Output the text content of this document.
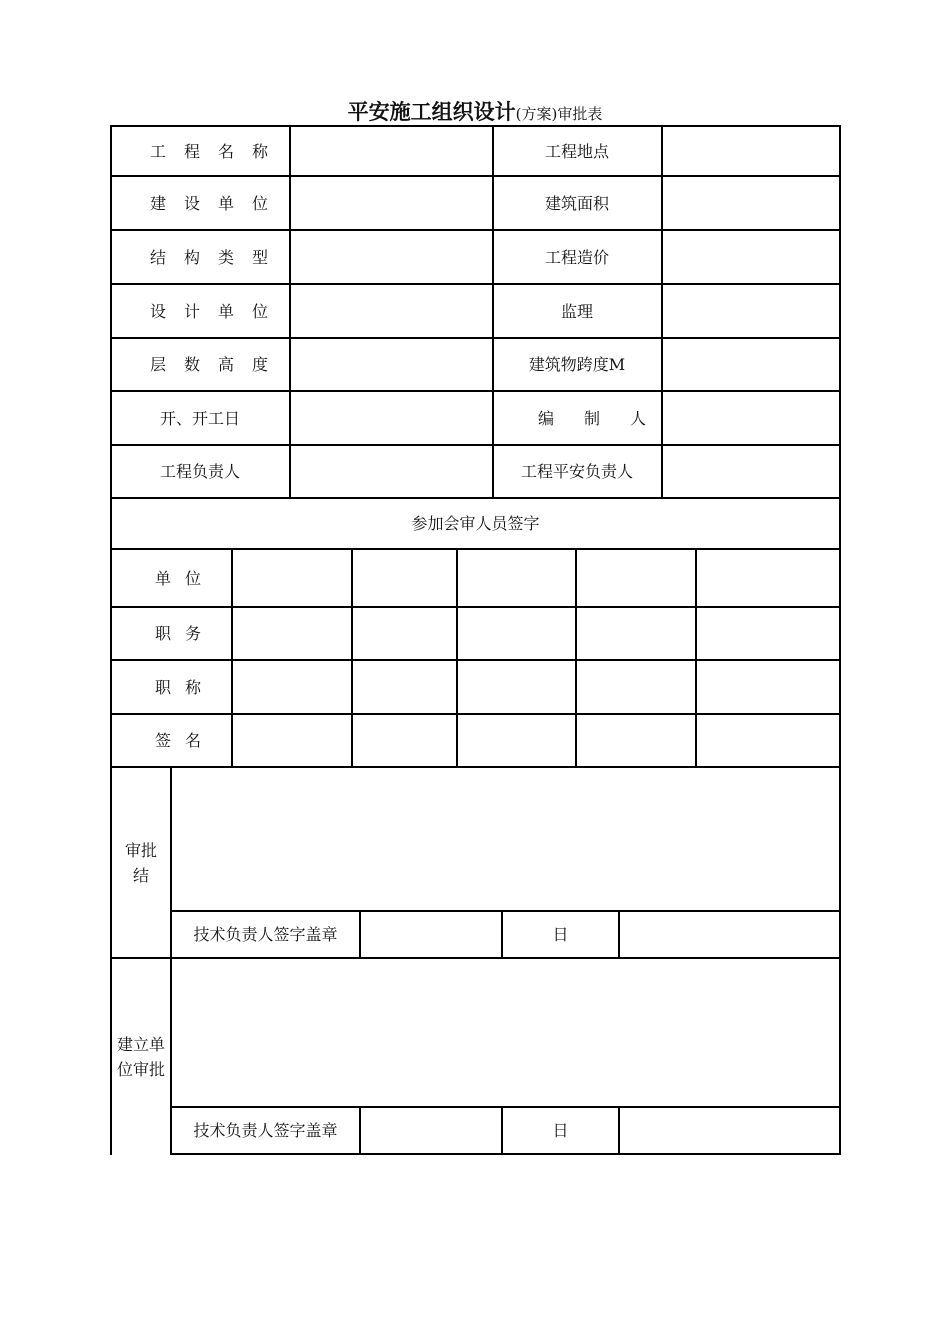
平安施工组织设计(方案)审批表
工程名称	工程地点
建设单位	建筑面积
结构类型	工程造价
设计单位	监理
层数高度	建筑物跨度M
开、开工日	编制人
工程负责人	工程平安负责人
参加会审人员签字
单位
职务
职称
签名
审批
结
技术负责人签字盖章	日
建立单
位审批
技术负责人签字盖章	日
